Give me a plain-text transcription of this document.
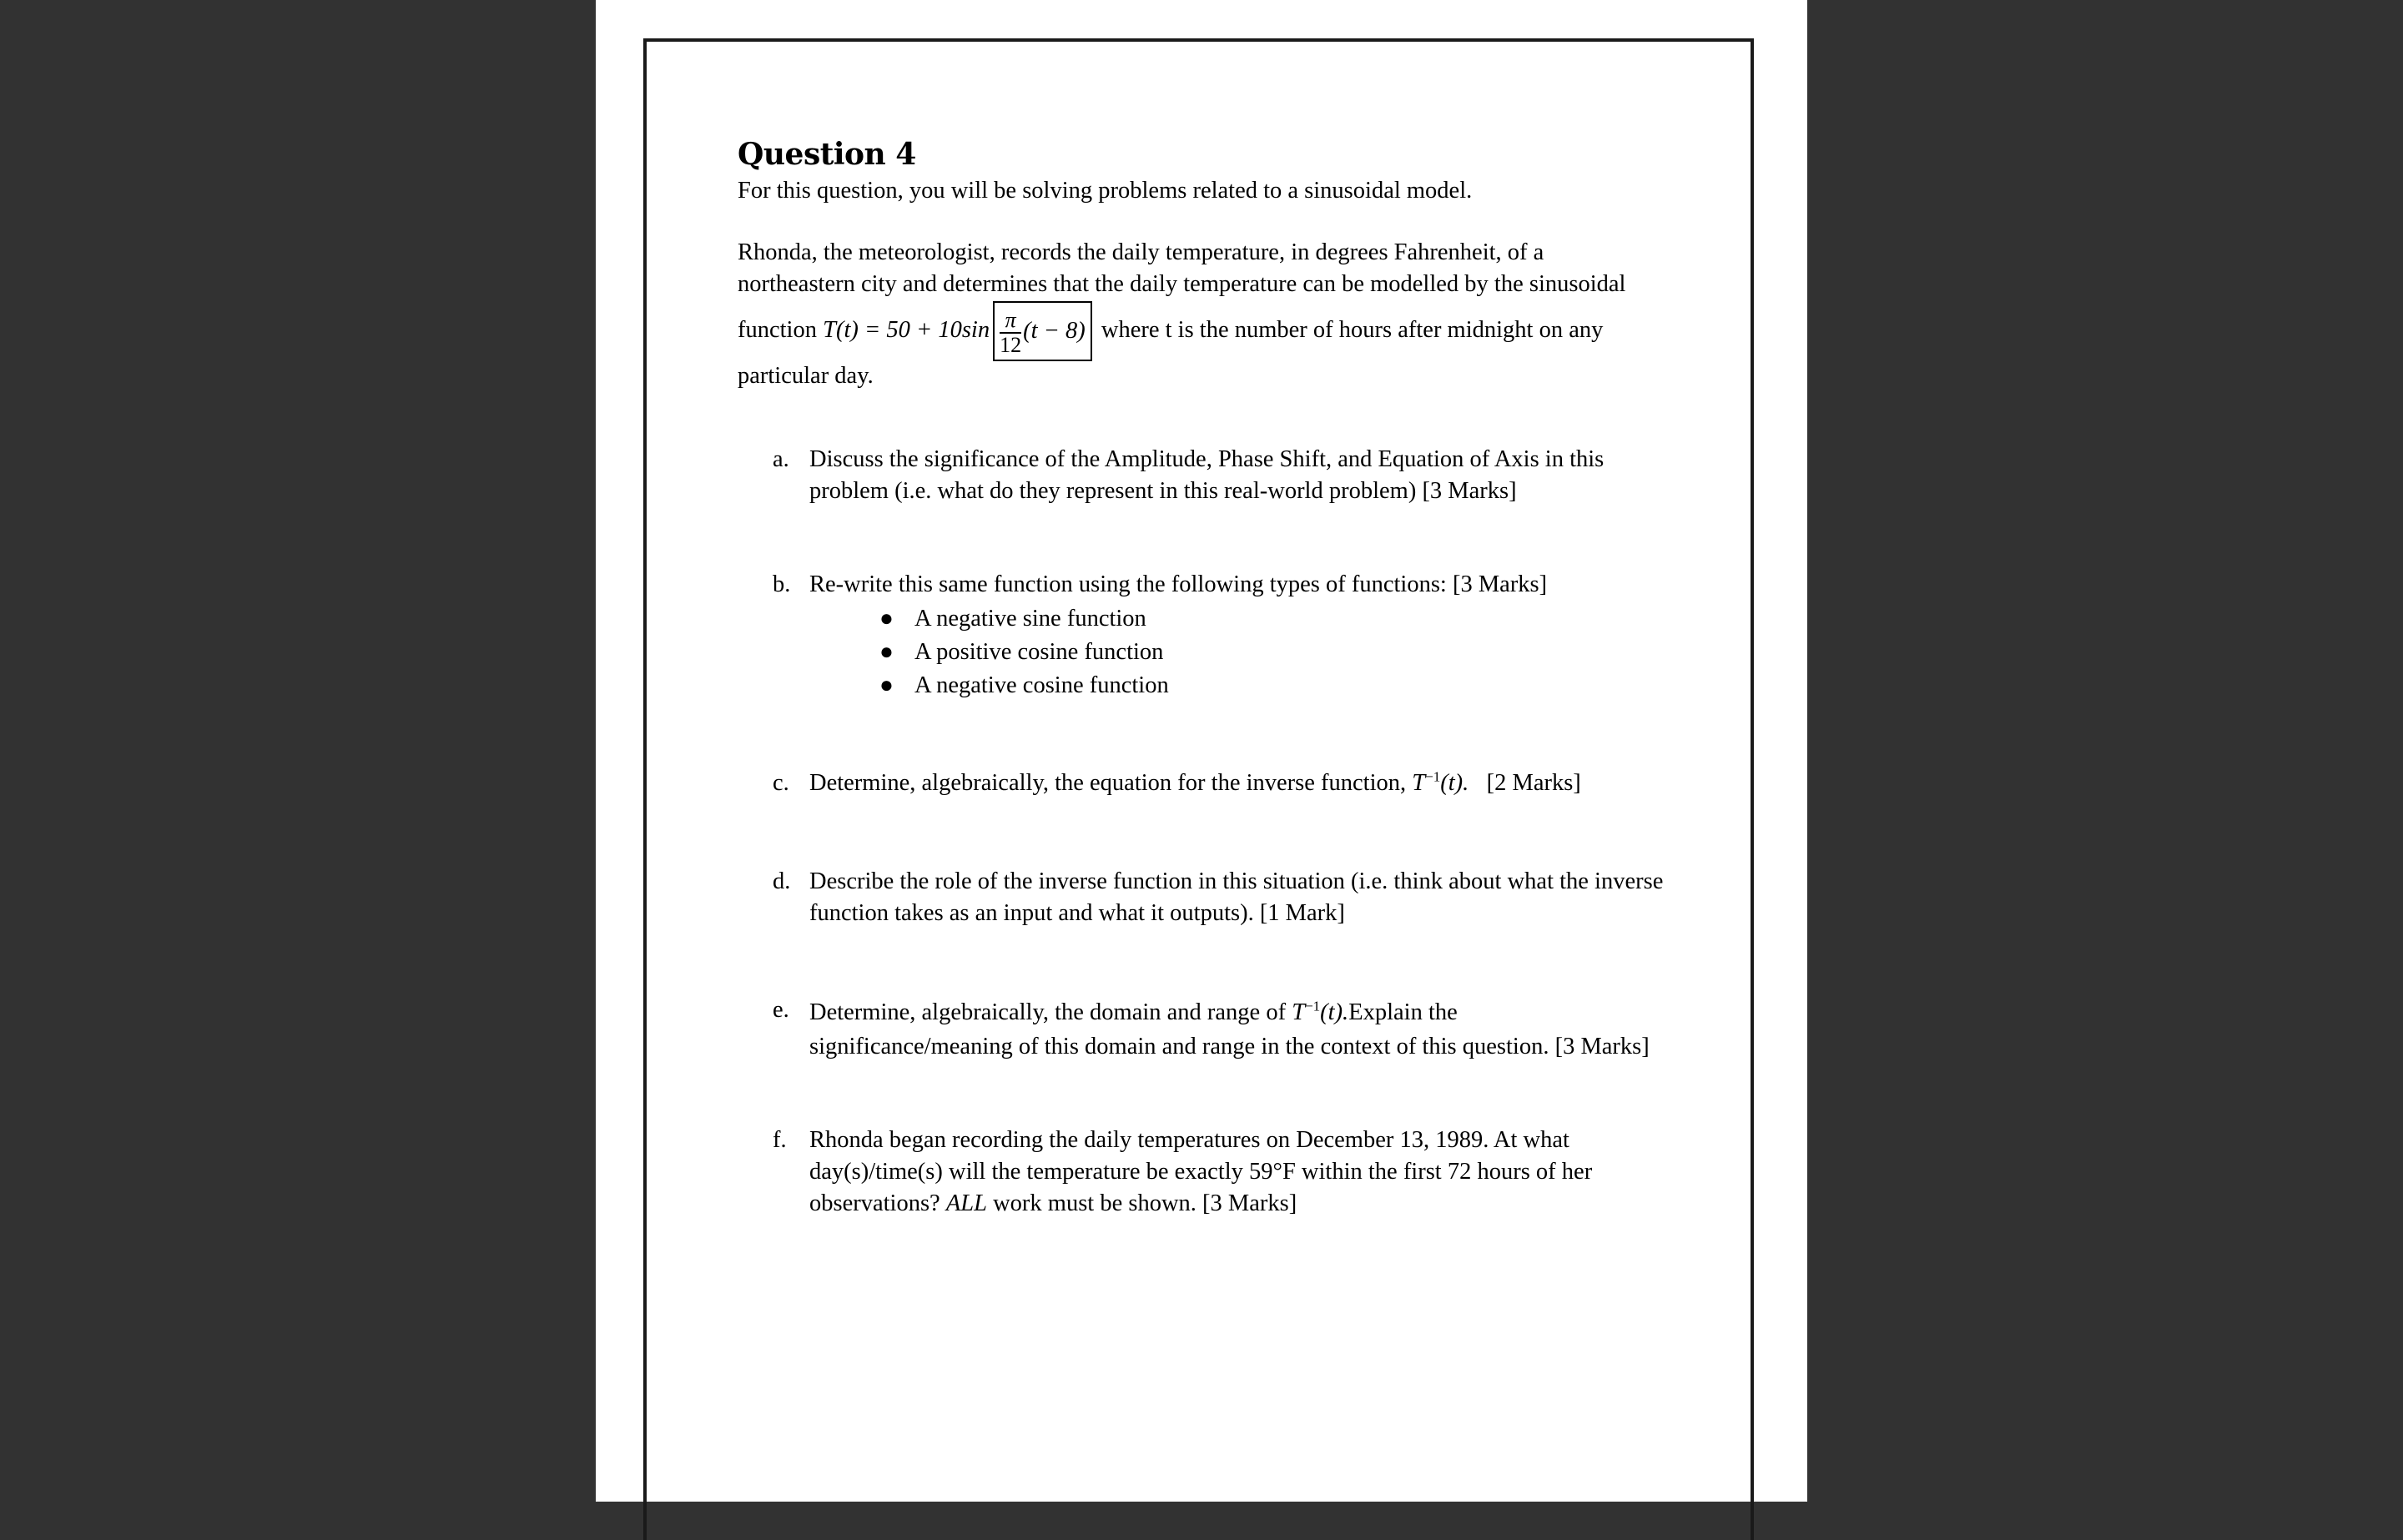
Question 4

For this question, you will be solving problems related to a sinusoidal model.

Rhonda, the meteorologist, records the daily temperature, in degrees Fahrenheit, of a

northeastern city and determines that the daily temperature can be modelled by the sinusoidal

function $T(t) = 50 + 10\sin \frac{\pi}{12} (t - 8)$ where t is the number of hours after midnight on any

particular day.

a. Discuss the significance of the Amplitude, Phase Shift, and Equation of Axis in this

problem (i.e. what do they represent in this real-world problem) [3 Marks]

b. Re-write this same function using the following types of functions: [3 Marks]

● A negative sine function
● A positive cosine function
● A negative cosine function
c. Determine, algebraically, the equation for the inverse function, $T^{-1}(t)$. [2 Marks]

d. Describe the role of the inverse function in this situation (i.e. think about what the inverse

function takes as an input and what it outputs). [1 Mark]

e. Determine, algebraically, the domain and range of $T^{-1}(t).Explain$ the

significance/meaning of this domain and range in the context of this question. [3 Marks]

f. Rhonda began recording the daily temperatures on December 13, 1989. At what

day(s)/time(s) will the temperature be exactly 59°F within the first 72 hours of her

observations? ALL work must be shown. [3 Marks]
